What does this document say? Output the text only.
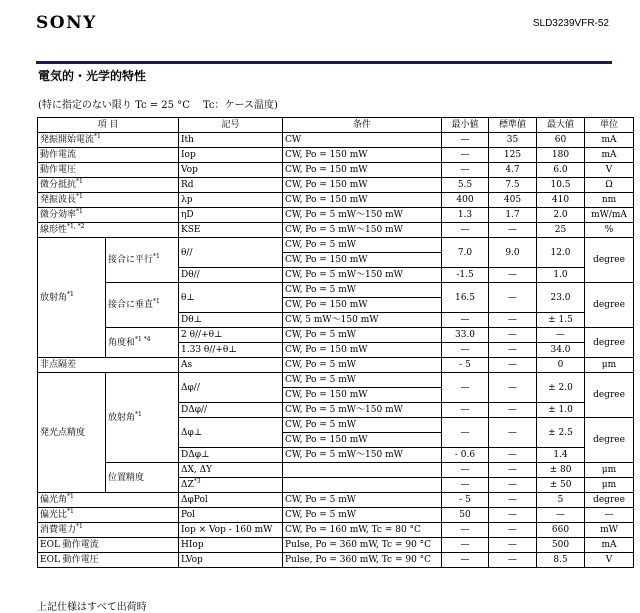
SONY	SLD3239VFR-52
電気的・光学的特性
(特に指定のない限り Tc = 25 °C　 Tc：ケース温度)
項 目		記号	条件	最小値	標準値	最大値	単位
発振開始電流$^{*1}$		Ith	CW	—	35	60	mA
動作電流		Iop	CW, Po = 150 mW	—	125	180	mA
動作電圧		Vop	CW, Po = 150 mW	—	4.7	6.0	V
微分抵抗$^{*1}$		Rd	CW, Po = 150 mW	5.5	7.5	10.5	Ω
発振波長$^{*1}$		λp	CW, Po = 150 mW	400	405	410	nm
微分効率$^{*1}$		ηD	CW, Po = 5 mW～150 mW	1.3	1.7	2.0	mW/mA
線形性$^{*1, *2}$		KSE	CW, Po = 5 mW～150 mW	—	—	25	%
放射角$^{*1}$	接合に平行$^{*1}$	θ//	CW, Po = 5 mW	7.0	9.0	12.0	degree
			CW, Po = 150 mW				
		Dθ//	CW, Po = 5 mW～150 mW	-1.5	—	1.0	
	接合に垂直$^{*1}$	θ⊥	CW, Po = 5 mW	16.5	—	23.0	degree
			CW, Po = 150 mW				
		Dθ⊥	CW, 5 mW～150 mW	—	—	± 1.5	
	角度和$^{*1 *4}$	2 θ//+θ⊥	CW, Po = 5 mW	33.0	—	—	degree
		1.33 θ//+θ⊥	CW, Po = 150 mW	—	—	34.0	
非点隔差		As	CW, Po = 5 mW	- 5	—	0	μm
発光点精度	放射角$^{*1}$	Δφ//	CW, Po = 5 mW	—	—	± 2.0	degree
			CW, Po = 150 mW				
		DΔφ//	CW, Po = 5 mW～150 mW	—	—	± 1.0	
		Δφ⊥	CW, Po = 5 mW	—	—	± 2.5	degree
			CW, Po = 150 mW				
		DΔφ⊥	CW, Po = 5 mW～150 mW	- 0.6	—	1.4	
	位置精度	ΔX, ΔY		—	—	± 80	μm
		ΔZ$^{*3}$		—	—	± 50	μm
偏光角$^{*1}$		ΔφPol	CW, Po = 5 mW	- 5	—	5	degree
偏光比$^{*1}$		Pol	CW, Po = 5 mW	50	—	—	—
消費電力$^{*1}$		Iop × Vop - 160 mW	CW, Po = 160 mW, Tc = 80 °C	—	—	660	mW
EOL 動作電流		HIop	Pulse, Po = 360 mW, Tc = 90 °C	—	—	500	mA
EOL 動作電圧		LVop	Pulse, Po = 360 mW, Tc = 90 °C	—	—	8.5	V
上記仕様はすべて出荷時
